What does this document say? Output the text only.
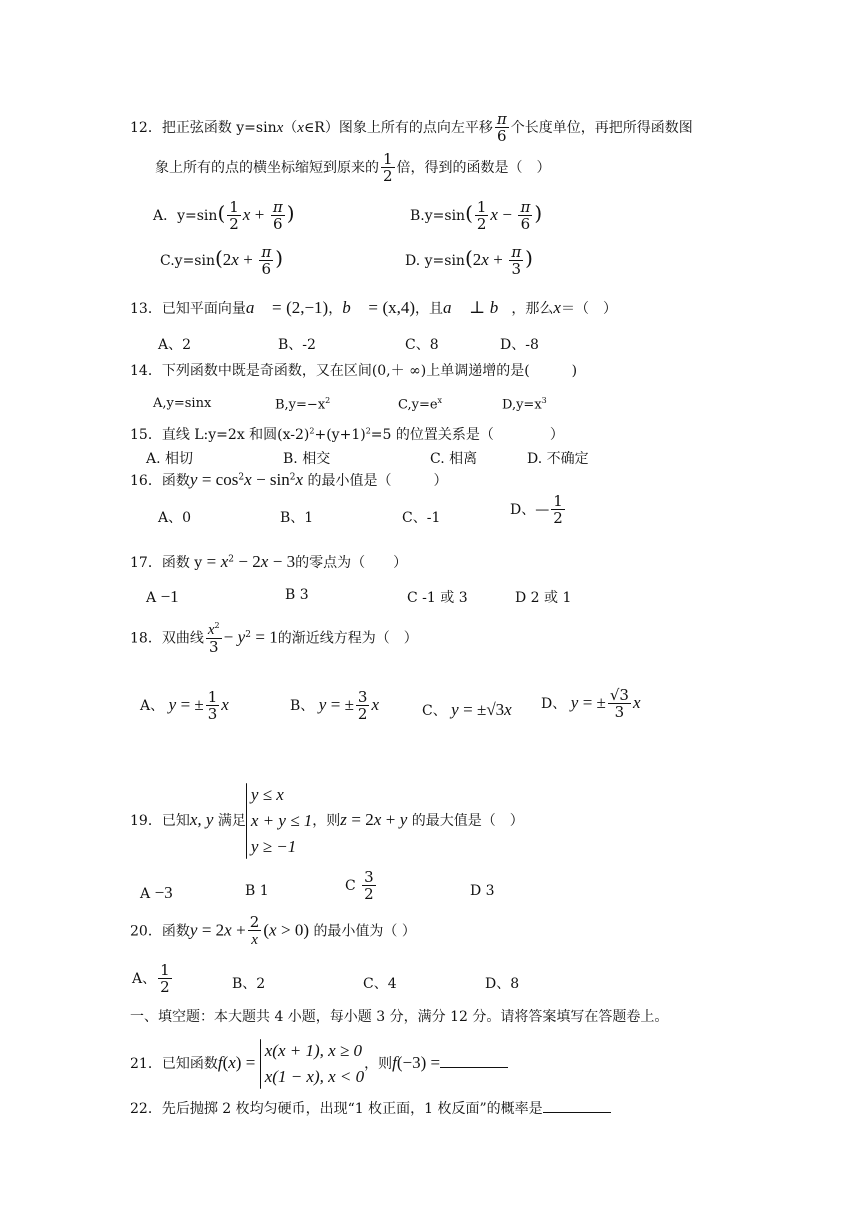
12．把正弦函数 y=sinx（x∈R）图象上所有的点向左平移 $\frac{\pi}{6}$ 个长度单位，再把所得函数图
象上所有的点的横坐标缩短到原来的 $\frac{1}{2}$ 倍，得到的函数是（　）
A．$y=\sin( \frac{1}{2}$ $x + \frac{\pi}{6}$ )	$B.y=\sin( \frac{1}{2}$ $x - \frac{\pi}{6}$ )
$C.y=\sin(2x + \frac{\pi}{6}$ )	D. $y=\sin(2x + \frac{\pi}{3}$ )
13．已知平面向量a⃗ = (2,−1)，b⃗ = (x,4)，且a⃗ ⊥ b⃗，那么x＝（　）
A、2	B、-2	C、8	D、-8
14．下列函数中既是奇函数，又在区间(0,＋ ∞)上单调递增的是(　　　)
A,y=sinx	$B,y=-x^2$	$C,y=e^x$	$D,y=x^3$
15．直线 L:y=2x 和圆$(x-2)^2+(y+1)^2=5$ 的位置关系是（　　　　）
A. 相切	B. 相交	C. 相离	D. 不确定
16．函数$y = \cos^2x - \sin^2x$ 的最小值是（　　　）
A、0	B、1	C、-1	D、— $\frac{1}{2}$
17．函数 $y = x^2 - 2x - 3$的零点为（　　）
A −1	B 3	C -1 或 3	D 2 或 1
18．双曲线 $\frac{x^2}{3} - y^2 = 1$的渐近线方程为（　）
A、 y = ± $\frac{1}{3}$ x	B、 y = ± $\frac{3}{2}$ x	C、 y = ±√3x D、 y = ± $\frac{√3}{3}$ x
19．已知x, y 满足
y ≤ x
x + y ≤ 1
y ≥ −1
，则z = 2x + y 的最大值是（　）
A −3	B 1	C $\frac{3}{2}$	D 3
20．函数$y = 2x + \frac{2}{x} (x > 0)$ 的最小值为（ ）
A、 $\frac{1}{2}$	B、2	C、4	D、8
一、填空题：本大题共 4 小题，每小题 3 分，满分 12 分。请将答案填写在答题卷上。
21．已知函数f(x) =
x(x + 1), x ≥ 0
x(1 − x), x < 0
，则f(−3) =
22．先后抛掷 2 枚均匀硬币，出现“1 枚正面，1 枚反面”的概率是
